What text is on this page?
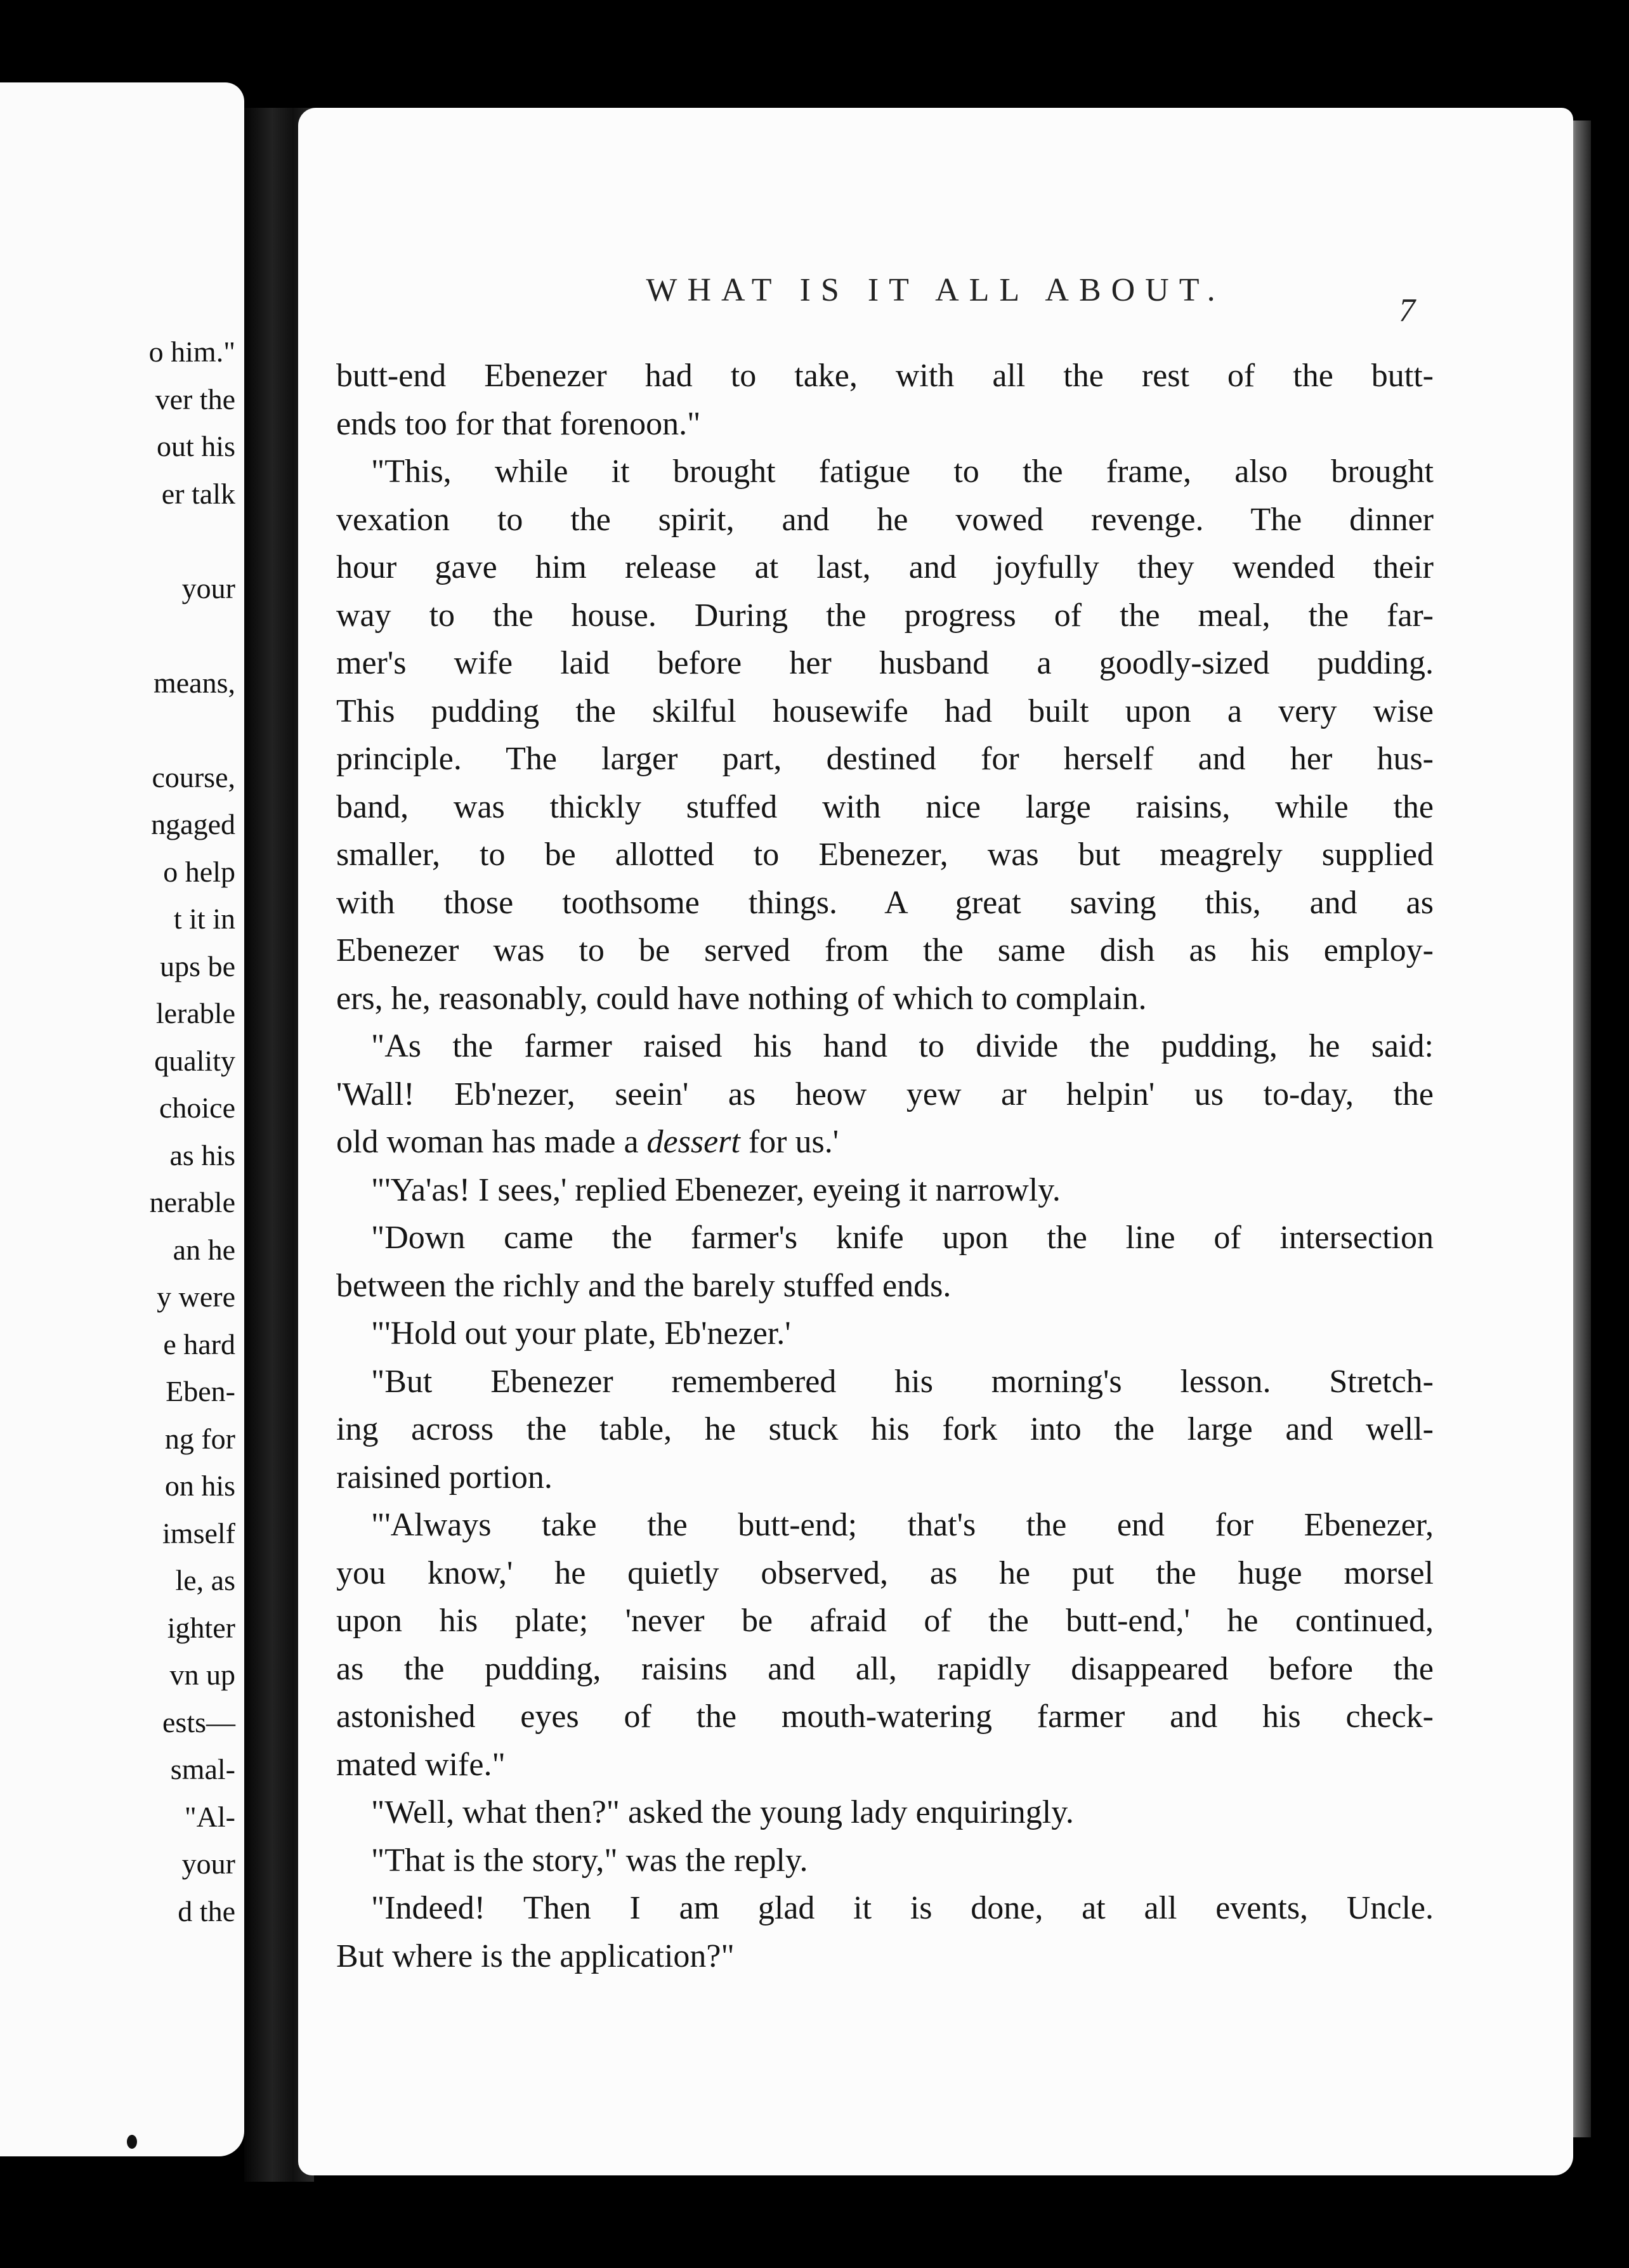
o him."
ver the
out his
er talk
your
means,
course,
ngaged
o help
t it in
ups be
lerable
quality
choice
as his
nerable
an he
y were
e hard
Eben-
ng for
on his
imself
le, as
ighter
vn up
ests—
smal-
"Al-
your
d the
WHAT IS IT ALL ABOUT.
7
butt-end Ebenezer had to take, with all the rest of the butt-
ends too for that forenoon."
"This, while it brought fatigue to the frame, also brought
vexation to the spirit, and he vowed revenge. The dinner
hour gave him release at last, and joyfully they wended their
way to the house. During the progress of the meal, the far-
mer's wife laid before her husband a goodly-sized pudding.
This pudding the skilful housewife had built upon a very wise
principle. The larger part, destined for herself and her hus-
band, was thickly stuffed with nice large raisins, while the
smaller, to be allotted to Ebenezer, was but meagrely supplied
with those toothsome things. A great saving this, and as
Ebenezer was to be served from the same dish as his employ-
ers, he, reasonably, could have nothing of which to complain.
"As the farmer raised his hand to divide the pudding, he said:
'Wall! Eb'nezer, seein' as heow yew ar helpin' us to-day, the
old woman has made a dessert for us.'
"'Ya'as! I sees,' replied Ebenezer, eyeing it narrowly.
"Down came the farmer's knife upon the line of intersection
between the richly and the barely stuffed ends.
"'Hold out your plate, Eb'nezer.'
"But Ebenezer remembered his morning's lesson. Stretch-
ing across the table, he stuck his fork into the large and well-
raisined portion.
"'Always take the butt-end; that's the end for Ebenezer,
you know,' he quietly observed, as he put the huge morsel
upon his plate; 'never be afraid of the butt-end,' he continued,
as the pudding, raisins and all, rapidly disappeared before the
astonished eyes of the mouth-watering farmer and his check-
mated wife."
"Well, what then?" asked the young lady enquiringly.
"That is the story," was the reply.
"Indeed! Then I am glad it is done, at all events, Uncle.
But where is the application?"
